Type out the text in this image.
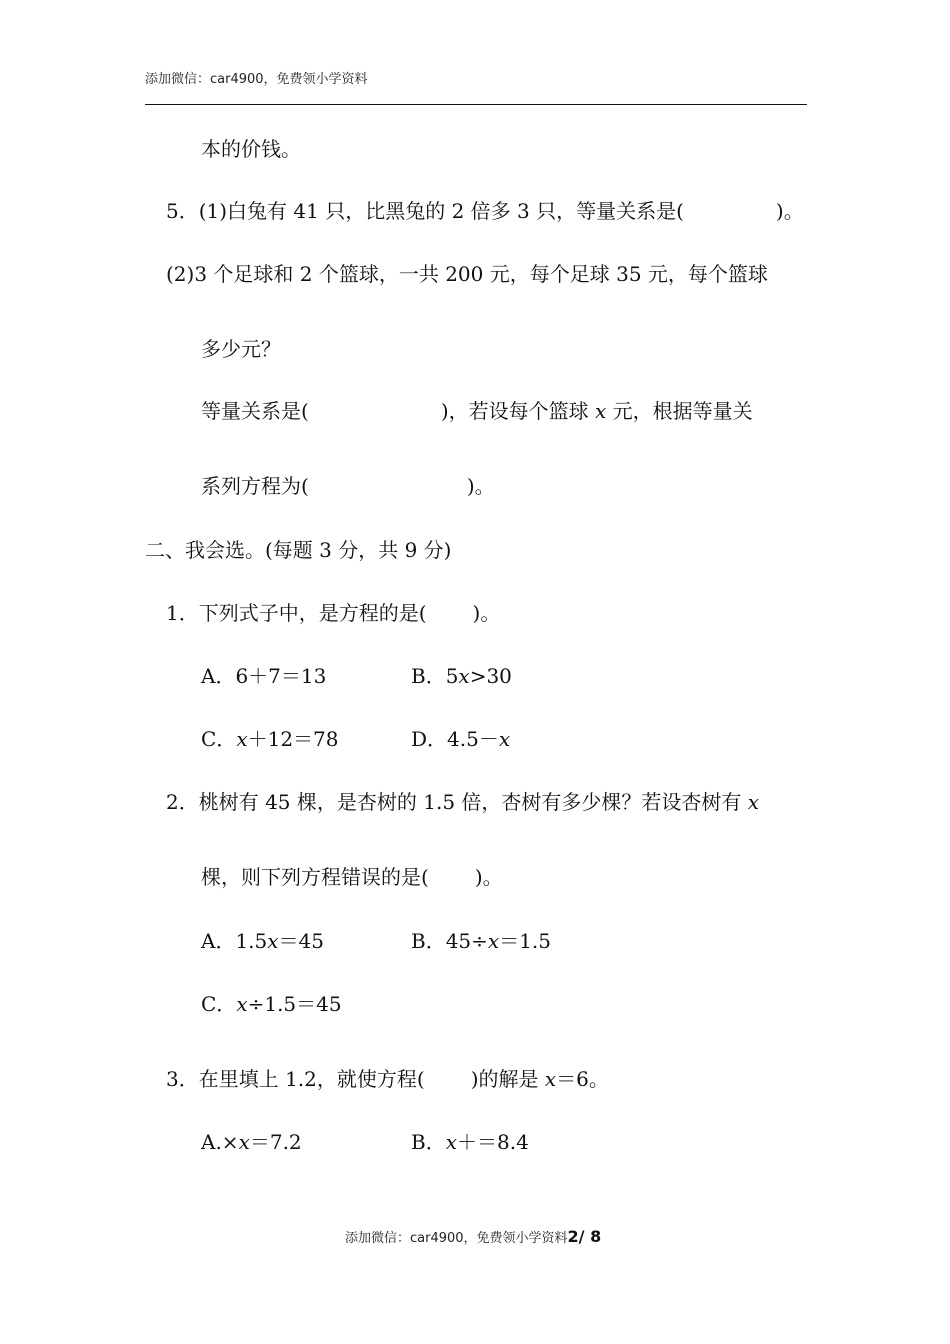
添加微信：car4900，免费领小学资料
本的价钱。
5．(1)白兔有 41 只，比黑兔的 2 倍多 3 只，等量关系是(	)。
(2)3 个足球和 2 个篮球，一共 200 元，每个足球 35 元，每个篮球
多少元？
等量关系是(	)，若设每个篮球 x 元，根据等量关
系列方程为(	)。
二、我会选。(每题 3 分，共 9 分)
1．下列式子中，是方程的是( )。
A．6＋7＝13	B．5x>30
C．x＋12＝78	D．4.5－x
2．桃树有 45 棵，是杏树的 1.5 倍，杏树有多少棵？若设杏树有 x
棵，则下列方程错误的是( )。
A．1.5x＝45	B．45÷x＝1.5
C．x÷1.5＝45
3．在里填上 1.2，就使方程( )的解是 x＝6。
A.×x＝7.2	B．x＋＝8.4
添加微信：car4900，免费领小学资料2/ 8
